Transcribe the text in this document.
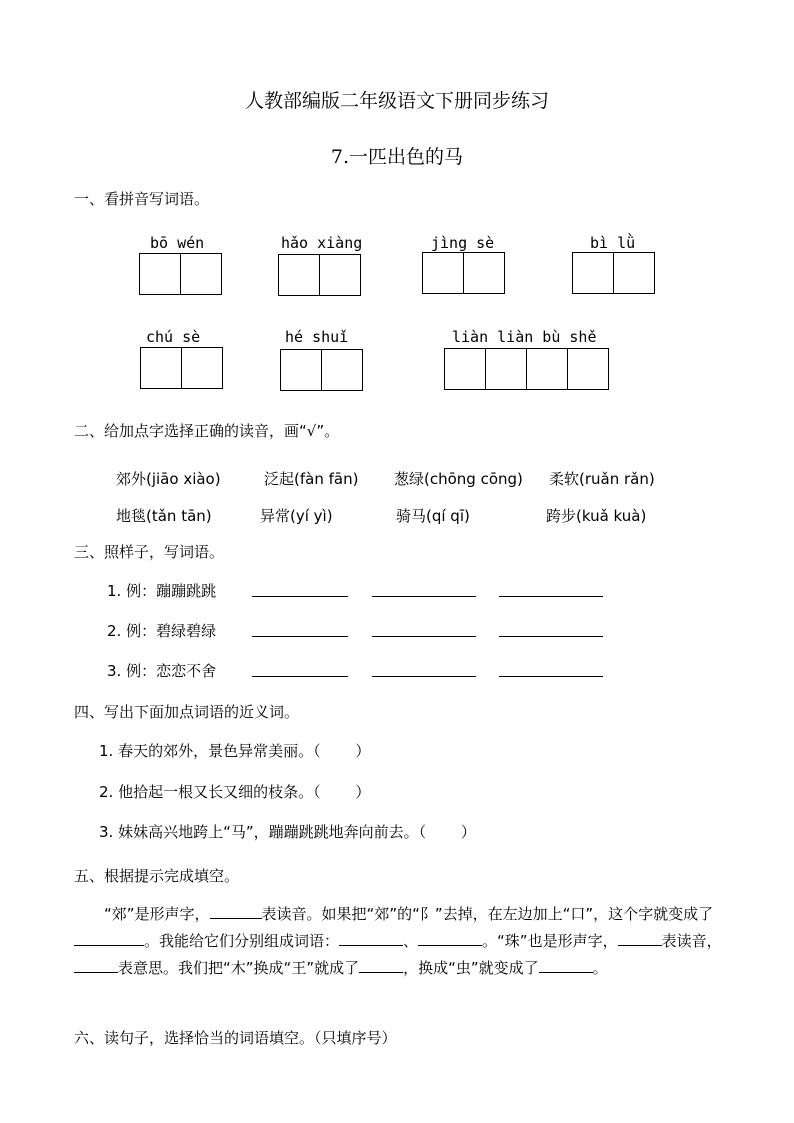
人教部编版二年级语文下册同步练习
7.一匹出色的马
一、看拼音写词语。
bō wén	hǎo xiàng	jìng sè	bì lǜ
chú sè	hé shuǐ	liàn liàn bù shě
二、给加点字选择正确的读音，画“√”。
郊外(jiāo xiào)	泛起(fàn fān) 葱绿(chōng cōng) 柔软(ruǎn rǎn)
地毯(tǎn tān)	异常(yí yì)	骑马(qí qī)	跨步(kuǎ kuà)
三、照样子，写词语。
1. 例：蹦蹦跳跳
2. 例：碧绿碧绿
3. 例：恋恋不舍
四、写出下面加点词语的近义词。
1. 春天的郊外，景色异常美丽。（　　 ）
2. 他拾起一根又长又细的枝条。（　　 ）
3. 妹妹高兴地跨上“马”，蹦蹦跳跳地奔向前去。（　　 ）
五、根据提示完成填空。
“郊”是形声字，	表读音。如果把“郊”的“阝”去掉，在左边加上“口”，这个字就变成了。我能给它们分别组成词语：	、	。“珠”也是形声字，	表读音，表意思。我们把“木”换成“王”就成了	，换成“虫”就变成了	。
六、读句子，选择恰当的词语填空。（只填序号）
